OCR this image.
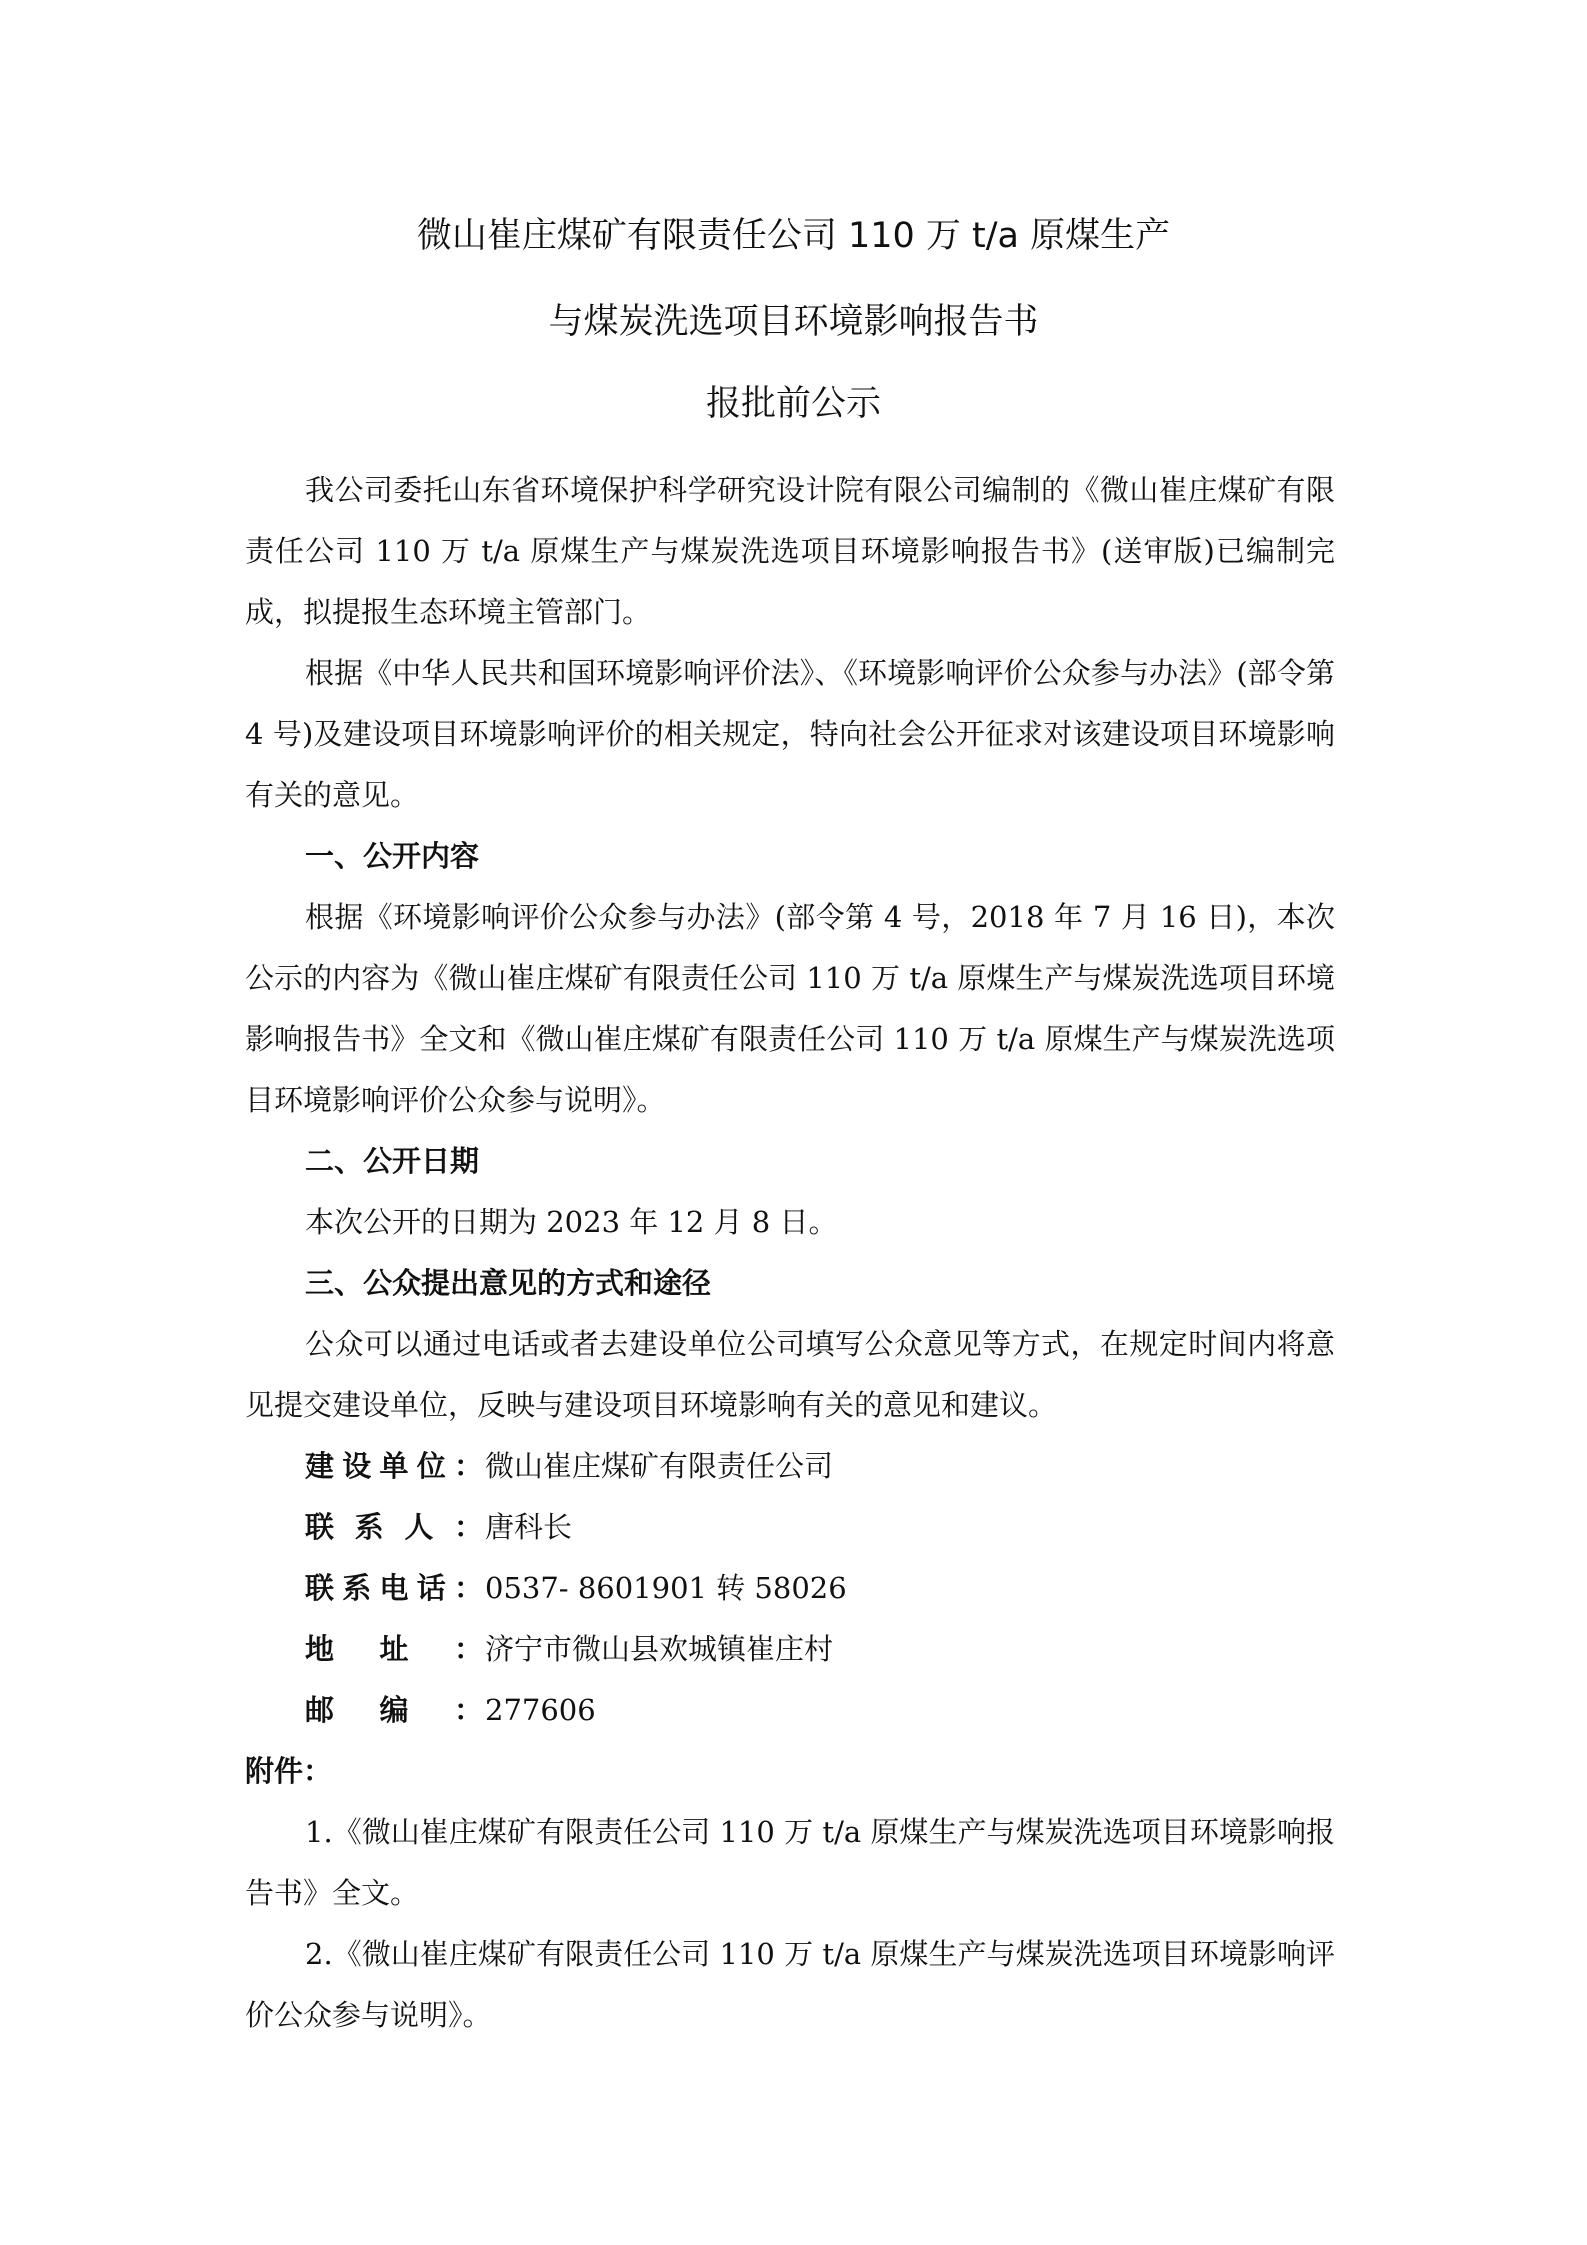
微山崔庄煤矿有限责任公司 110 万 t/a 原煤生产
与煤炭洗选项目环境影响报告书
报批前公示

我公司委托山东省环境保护科学研究设计院有限公司编制的《微山崔庄煤矿有限责任公司 110 万 t/a 原煤生产与煤炭洗选项目环境影响报告书》(送审版)已编制完成，拟提报生态环境主管部门。

根据《中华人民共和国环境影响评价法》、《环境影响评价公众参与办法》(部令第 4 号)及建设项目环境影响评价的相关规定，特向社会公开征求对该建设项目环境影响有关的意见。

一、公开内容

根据《环境影响评价公众参与办法》(部令第 4 号，2018 年 7 月 16 日)，本次公示的内容为《微山崔庄煤矿有限责任公司 110 万 t/a 原煤生产与煤炭洗选项目环境影响报告书》全文和《微山崔庄煤矿有限责任公司 110 万 t/a 原煤生产与煤炭洗选项目环境影响评价公众参与说明》。

二、公开日期

本次公开的日期为 2023 年 12 月 8 日。

三、公众提出意见的方式和途径

公众可以通过电话或者去建设单位公司填写公众意见等方式，在规定时间内将意见提交建设单位，反映与建设项目环境影响有关的意见和建议。

建 设 单 位 ： 微山崔庄煤矿有限责任公司
联 系 人 ： 唐科长
联 系 电 话 ： 0537- 8601901 转 58026
地 址 ： 济宁市微山县欢城镇崔庄村
邮 编 ： 277606

附件：

1.《微山崔庄煤矿有限责任公司 110 万 t/a 原煤生产与煤炭洗选项目环境影响报告书》全文。

2.《微山崔庄煤矿有限责任公司 110 万 t/a 原煤生产与煤炭洗选项目环境影响评价公众参与说明》。
